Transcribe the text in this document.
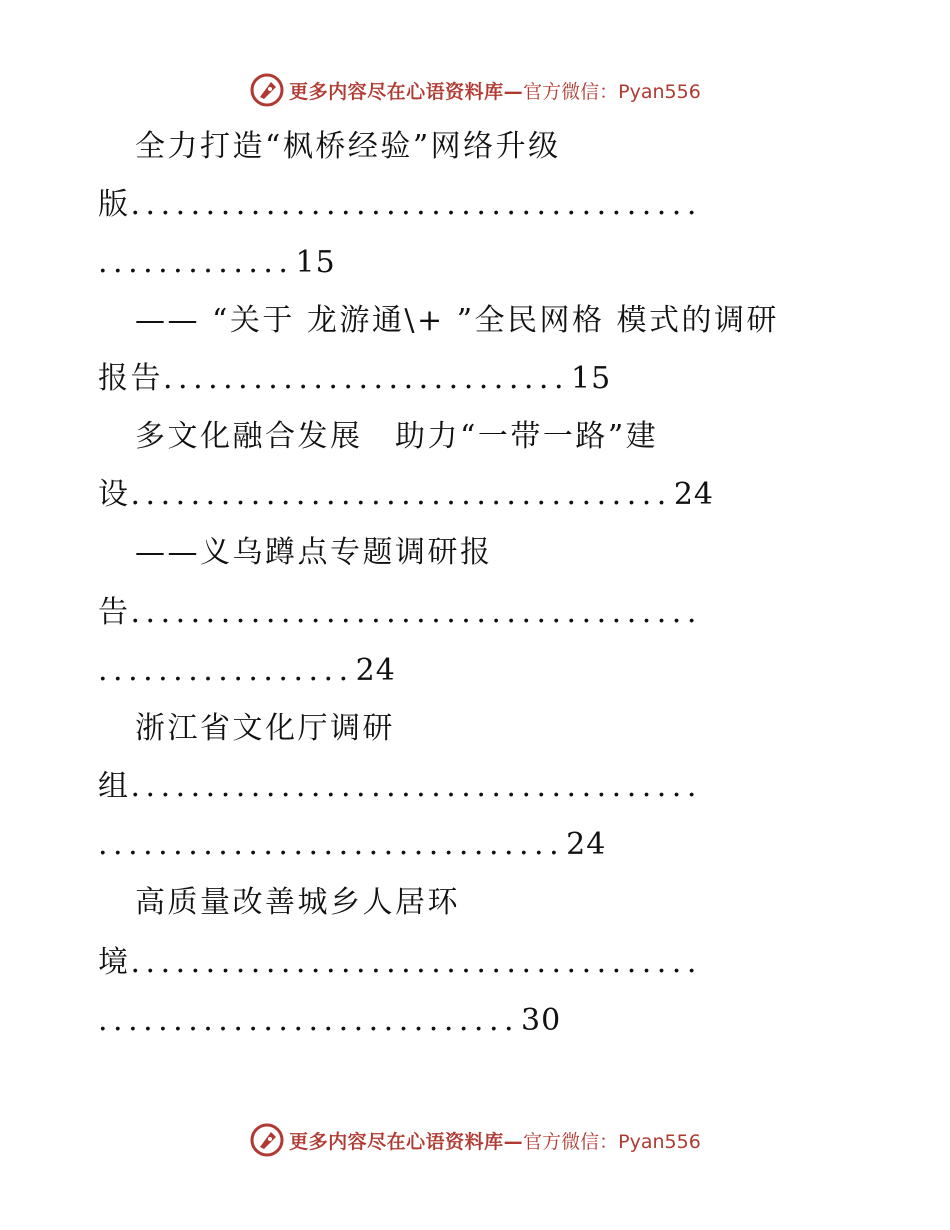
更多内容尽在心语资料库— 官方微信：Pyan556
全力打造“枫桥经验”网络升级
版......................................
.............15
—— “关于 龙游通\+ ”全民网格 模式的调研
报告...........................15
多文化融合发展　助力“一带一路”建
设....................................24
——义乌蹲点专题调研报
告......................................
.................24
浙江省文化厅调研
组......................................
...............................24
高质量改善城乡人居环
境......................................
............................30
更多内容尽在心语资料库— 官方微信：Pyan556
